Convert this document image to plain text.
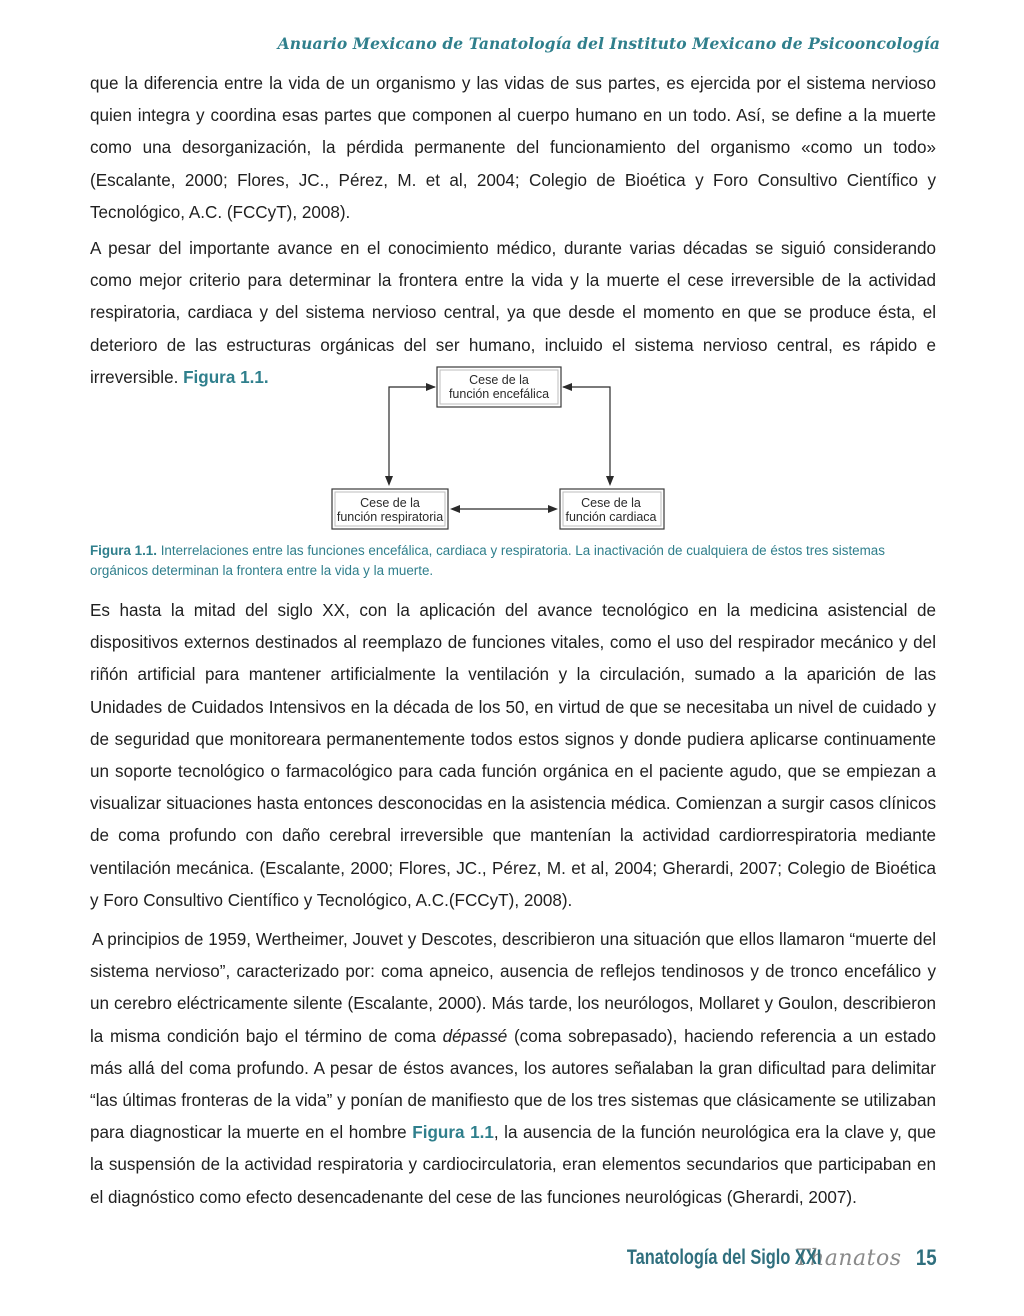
Anuario Mexicano de Tanatología del Instituto Mexicano de Psicooncología

que la diferencia entre la vida de un organismo y las vidas de sus partes, es ejercida por el sistema nervioso quien integra y coordina esas partes que componen al cuerpo humano en un todo. Así, se define a la muerte como una desorganización, la pérdida permanente del funcionamiento del organismo «como un todo» (Escalante, 2000; Flores, JC., Pérez, M. et al, 2004; Colegio de Bioética y Foro Consultivo Científico y Tecnológico, A.C. (FCCyT), 2008).

A pesar del importante avance en el conocimiento médico, durante varias décadas se siguió considerando como mejor criterio para determinar la frontera entre la vida y la muerte el cese irreversible de la actividad respiratoria, cardiaca y del sistema nervioso central, ya que desde el momento en que se produce ésta, el deterioro de las estructuras orgánicas del ser humano, incluido el sistema nervioso central, es rápido e irreversible. Figura 1.1.	Cese de la
función encefálica
Cese de la
función respiratoria
Cese de la
función cardiaca
Figura 1.1. Interrelaciones entre las funciones encefálica, cardiaca y respiratoria. La inactivación de cualquiera de éstos tres sistemas orgánicos determinan la frontera entre la vida y la muerte.

Es hasta la mitad del siglo XX, con la aplicación del avance tecnológico en la medicina asistencial de dispositivos externos destinados al reemplazo de funciones vitales, como el uso del respirador mecánico y del riñón artificial para mantener artificialmente la ventilación y la circulación, sumado a la aparición de las Unidades de Cuidados Intensivos en la década de los 50, en virtud de que se necesitaba un nivel de cuidado y de seguridad que monitoreara permanentemente todos estos signos y donde pudiera aplicarse continuamente un soporte tecnológico o farmacológico para cada función orgánica en el paciente agudo, que se empiezan a visualizar situaciones hasta entonces desconocidas en la asistencia médica. Comienzan a surgir casos clínicos de coma profundo con daño cerebral irreversible que mantenían la actividad cardiorrespiratoria mediante ventilación mecánica. (Escalante, 2000; Flores, JC., Pérez, M. et al, 2004; Gherardi, 2007; Colegio de Bioética y Foro Consultivo Científico y Tecnológico, A.C.(FCCyT), 2008).

A principios de 1959, Wertheimer, Jouvet y Descotes, describieron una situación que ellos llamaron “muerte del sistema nervioso”, caracterizado por: coma apneico, ausencia de reflejos tendinosos y de tronco encefálico y un cerebro eléctricamente silente (Escalante, 2000). Más tarde, los neurólogos, Mollaret y Goulon, describieron la misma condición bajo el término de coma dépassé (coma sobrepasado), haciendo referencia a un estado más allá del coma profundo. A pesar de éstos avances, los autores señalaban la gran dificultad para delimitar “las últimas fronteras de la vida” y ponían de manifiesto que de los tres sistemas que clásicamente se utilizaban para diagnosticar la muerte en el hombre Figura 1.1, la ausencia de la función neurológica era la clave y, que la suspensión de la actividad respiratoria y cardiocirculatoria, eran elementos secundarios que participaban en el diagnóstico como efecto desencadenante del cese de las funciones neurológicas (Gherardi, 2007).

Tanatología del Siglo XXI
Thanatos 15
